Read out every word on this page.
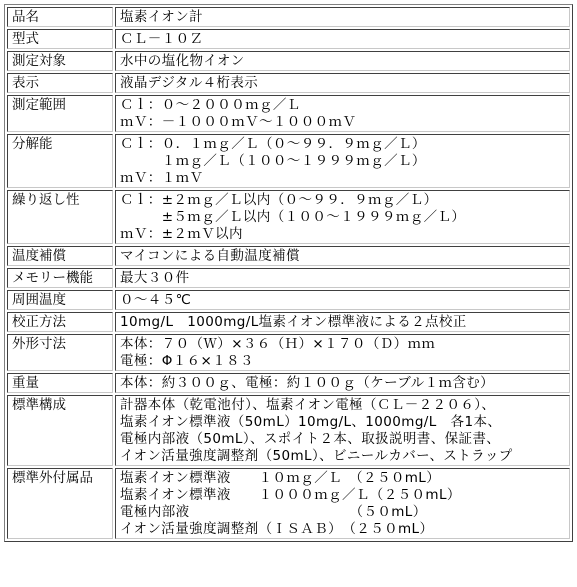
品名	塩素イオン計

型式	ＣＬ－１０Ｚ

測定対象	水中の塩化物イオン

表示	液晶デジタル４桁表示

測定範囲	Ｃｌ：０～２０００ｍｇ／Ｌ
ｍＶ：－１０００ｍＶ～１０００ｍＶ

分解能	Ｃｌ：０．１ｍｇ／Ｌ（０～９９．９ｍｇ／Ｌ）
　　　１ｍｇ／Ｌ（１００～１９９９ｍｇ／Ｌ）
ｍＶ：１ｍＶ

繰り返し性	Ｃｌ：±２ｍｇ／Ｌ以内（０～９９．９ｍｇ／Ｌ）
　　　±５ｍｇ／Ｌ以内（１００～１９９９ｍｇ／Ｌ）
ｍＶ：±２ｍＶ以内

温度補償	マイコンによる自動温度補償

メモリー機能	最大３０件

周囲温度	０～４５℃

校正方法	10mg/L　1000mg/L塩素イオン標準液による２点校正

外形寸法	本体：７０（Ｗ）×３６（Ｈ）×１７０（Ｄ）ｍｍ
電極：Φ１６×１８３

重量	本体：約３００ｇ、電極：約１００ｇ（ケーブル１ｍ含む）

標準構成	計器本体（乾電池付）、塩素イオン電極（ＣＬ－２２０６）、
塩素イオン標準液（50mL）10mg/L、1000mg/L　各1本、
電極内部液（50mL）、スポイト２本、取扱説明書、保証書、
イオン活量強度調整剤（50mL）、ビニールカバー、ストラップ

標準外付属品	塩素イオン標準液　　１０ｍｇ／Ｌ　（２５０mL）
塩素イオン標準液　　１０００ｍｇ／Ｌ（２５０mL）
電極内部液　　　　　　　　　　　　（５０mL）
イオン活量強度調整剤（ＩＳＡＢ）　（２５０mL）
